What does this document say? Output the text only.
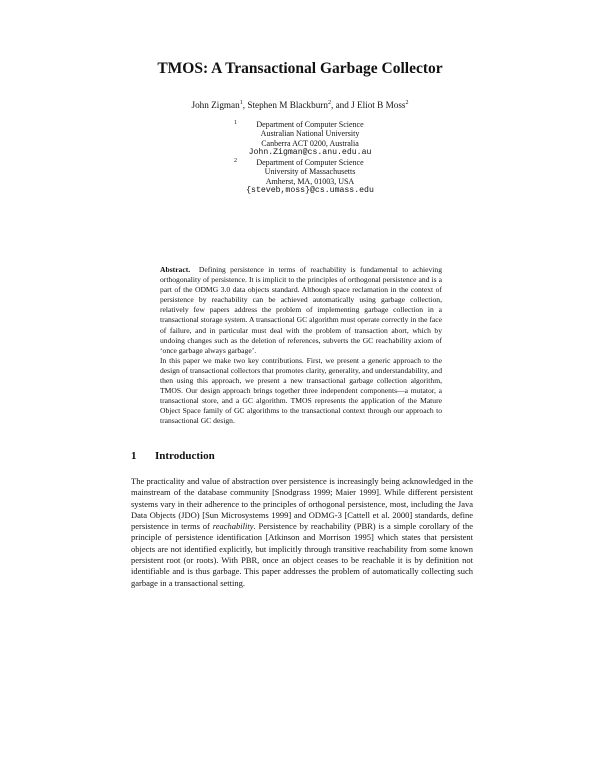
TMOS: A Transactional Garbage Collector
John Zigman$^1$, Stephen M Blackburn$^2$, and J Eliot B Moss$^2$
1	Department of Computer Science
Australian National University
Canberra ACT 0200, Australia
John.Zigman@cs.anu.edu.au
2	Department of Computer Science
University of Massachusetts
Amherst, MA, 01003, USA
{steveb,moss}@cs.umass.edu

Abstract. Defining persistence in terms of reachability is fundamental to achieving orthogonality of persistence. It is implicit to the principles of orthogonal persistence and is a part of the ODMG 3.0 data objects standard. Although space reclamation in the context of persistence by reachability can be achieved automatically using garbage collection, relatively few papers address the problem of implementing garbage collection in a transactional storage system. A transactional GC algorithm must operate correctly in the face of failure, and in particular must deal with the problem of transaction abort, which by undoing changes such as the deletion of references, subverts the GC reachability axiom of ‘once garbage always garbage’.

In this paper we make two key contributions. First, we present a generic approach to the design of transactional collectors that promotes clarity, generality, and understandability, and then using this approach, we present a new transactional garbage collection algorithm, TMOS. Our design approach brings together three independent components—a mutator, a transactional store, and a GC algorithm. TMOS represents the application of the Mature Object Space family of GC algorithms to the transactional context through our approach to transactional GC design.

1 Introduction
The practicality and value of abstraction over persistence is increasingly being acknowledged in the mainstream of the database community [Snodgrass 1999; Maier 1999]. While different persistent systems vary in their adherence to the principles of orthogonal persistence, most, including the Java Data Objects (JDO) [Sun Microsystems 1999] and ODMG-3 [Cattell et al. 2000] standards, define persistence in terms of reachability. Persistence by reachability (PBR) is a simple corollary of the principle of persistence identification [Atkinson and Morrison 1995] which states that persistent objects are not identified explicitly, but implicitly through transitive reachability from some known persistent root (or roots). With PBR, once an object ceases to be reachable it is by definition not identifiable and is thus garbage. This paper addresses the problem of automatically collecting such garbage in a transactional setting.
